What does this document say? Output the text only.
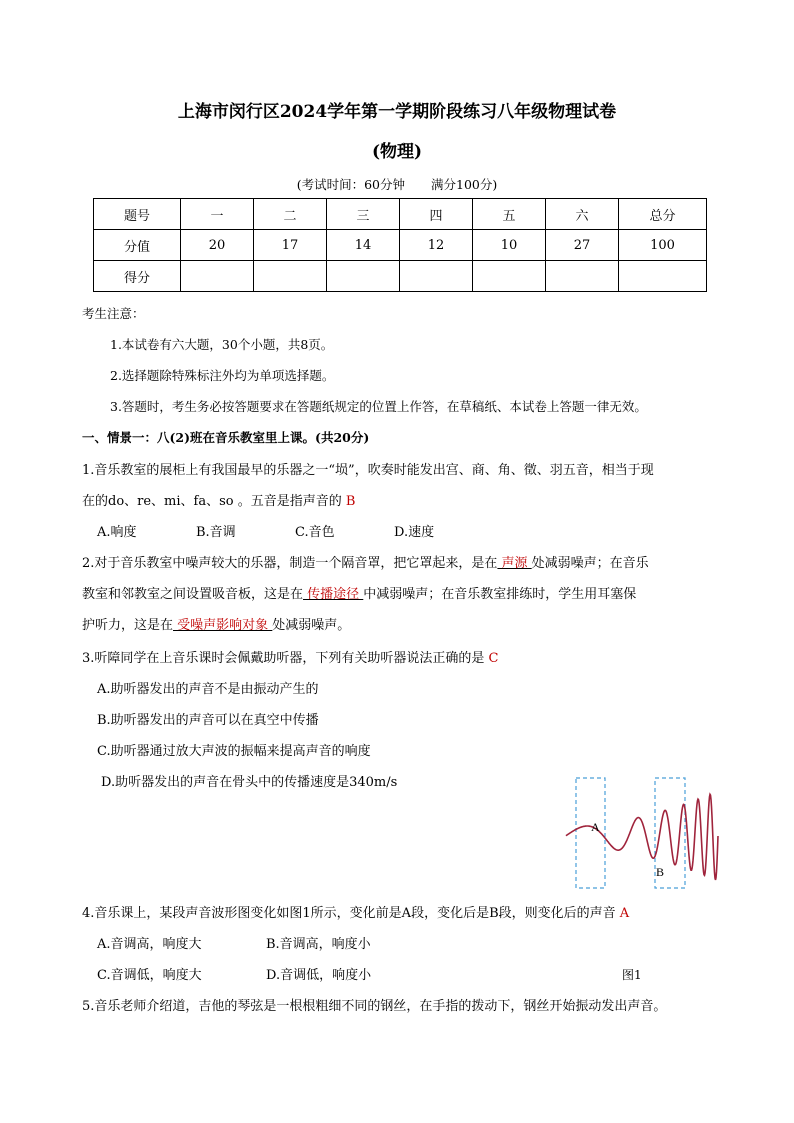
上海市闵行区2024学年第一学期阶段练习八年级物理试卷
(物理)
(考试时间：60分钟 满分100分)
题号	一	二	三	四	五	六	总分
分值	20	17	14	12	10	27	100
得分							
考生注意：
1.本试卷有六大题，30个小题，共8页。
2.选择题除特殊标注外均为单项选择题。
3.答题时，考生务必按答题要求在答题纸规定的位置上作答，在草稿纸、本试卷上答题一律无效。
一、情景一：八(2)班在音乐教室里上课。(共20分)
1.音乐教室的展柜上有我国最早的乐器之一“埙”，吹奏时能发出宫、商、角、徵、羽五音，相当于现
在的do、re、mi、fa、so 。五音是指声音的 B
A.响度	B.音调	C.音色	D.速度
2.对于音乐教室中噪声较大的乐器，制造一个隔音罩，把它罩起来，是在 声源 处减弱噪声；在音乐
教室和邻教室之间设置吸音板，这是在 传播途径 中减弱噪声；在音乐教室排练时，学生用耳塞保
护听力，这是在 受噪声影响对象 处减弱噪声。
3.听障同学在上音乐课时会佩戴助听器，下列有关助听器说法正确的是 C
A.助听器发出的声音不是由振动产生的
B.助听器发出的声音可以在真空中传播
C.助听器通过放大声波的振幅来提高声音的响度
D.助听器发出的声音在骨头中的传播速度是340m/s
A
B
4.音乐课上，某段声音波形图变化如图1所示，变化前是A段，变化后是B段，则变化后的声音 A
A.音调高，响度大	B.音调高，响度小
C.音调低，响度大	D.音调低，响度小	图1
5.音乐老师介绍道，吉他的琴弦是一根根粗细不同的钢丝，在手指的拨动下，钢丝开始振动发出声音。
